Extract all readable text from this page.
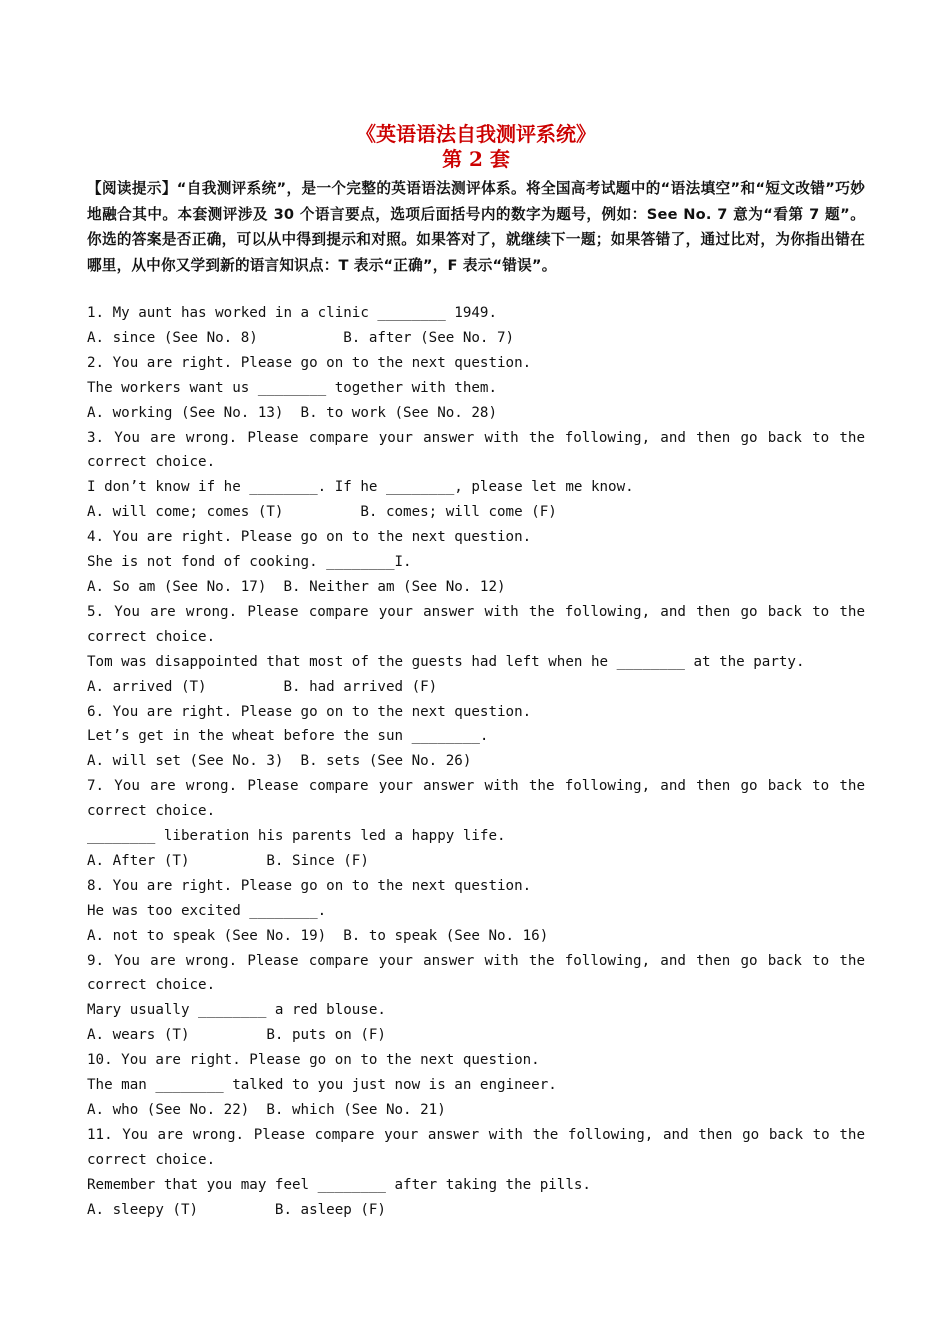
《英语语法自我测评系统》
第 2 套
【阅读提示】“自我测评系统”，是一个完整的英语语法测评体系。将全国高考试题中的“语法填空”和“短文改错”巧妙地融合其中。本套测评涉及 30 个语言要点，选项后面括号内的数字为题号，例如：See No. 7 意为“看第 7 题”。你选的答案是否正确，可以从中得到提示和对照。如果答对了，就继续下一题；如果答错了，通过比对，为你指出错在哪里，从中你又学到新的语言知识点：T 表示“正确”，F 表示“错误”。
1. My aunt has worked in a clinic ________ 1949.
A. since (See No. 8)          B. after (See No. 7)
2. You are right. Please go on to the next question.
The workers want us ________ together with them.
A. working (See No. 13)  B. to work (See No. 28)
3. You are wrong. Please compare your answer with the following, and then go back to the
correct choice.
I don’t know if he ________. If he ________, please let me know.
A. will come; comes (T)         B. comes; will come (F)
4. You are right. Please go on to the next question.
She is not fond of cooking. ________I.
A. So am (See No. 17)  B. Neither am (See No. 12)
5. You are wrong. Please compare your answer with the following, and then go back to the
correct choice.
Tom was disappointed that most of the guests had left when he ________ at the party.
A. arrived (T)         B. had arrived (F)
6. You are right. Please go on to the next question.
Let’s get in the wheat before the sun ________.
A. will set (See No. 3)  B. sets (See No. 26)
7. You are wrong. Please compare your answer with the following, and then go back to the
correct choice.
________ liberation his parents led a happy life.
A. After (T)         B. Since (F)
8. You are right. Please go on to the next question.
He was too excited ________.
A. not to speak (See No. 19)  B. to speak (See No. 16)
9. You are wrong. Please compare your answer with the following, and then go back to the
correct choice.
Mary usually ________ a red blouse.
A. wears (T)         B. puts on (F)
10. You are right. Please go on to the next question.
The man ________ talked to you just now is an engineer.
A. who (See No. 22)  B. which (See No. 21)
11. You are wrong. Please compare your answer with the following, and then go back to the
correct choice.
Remember that you may feel ________ after taking the pills.
A. sleepy (T)         B. asleep (F)
